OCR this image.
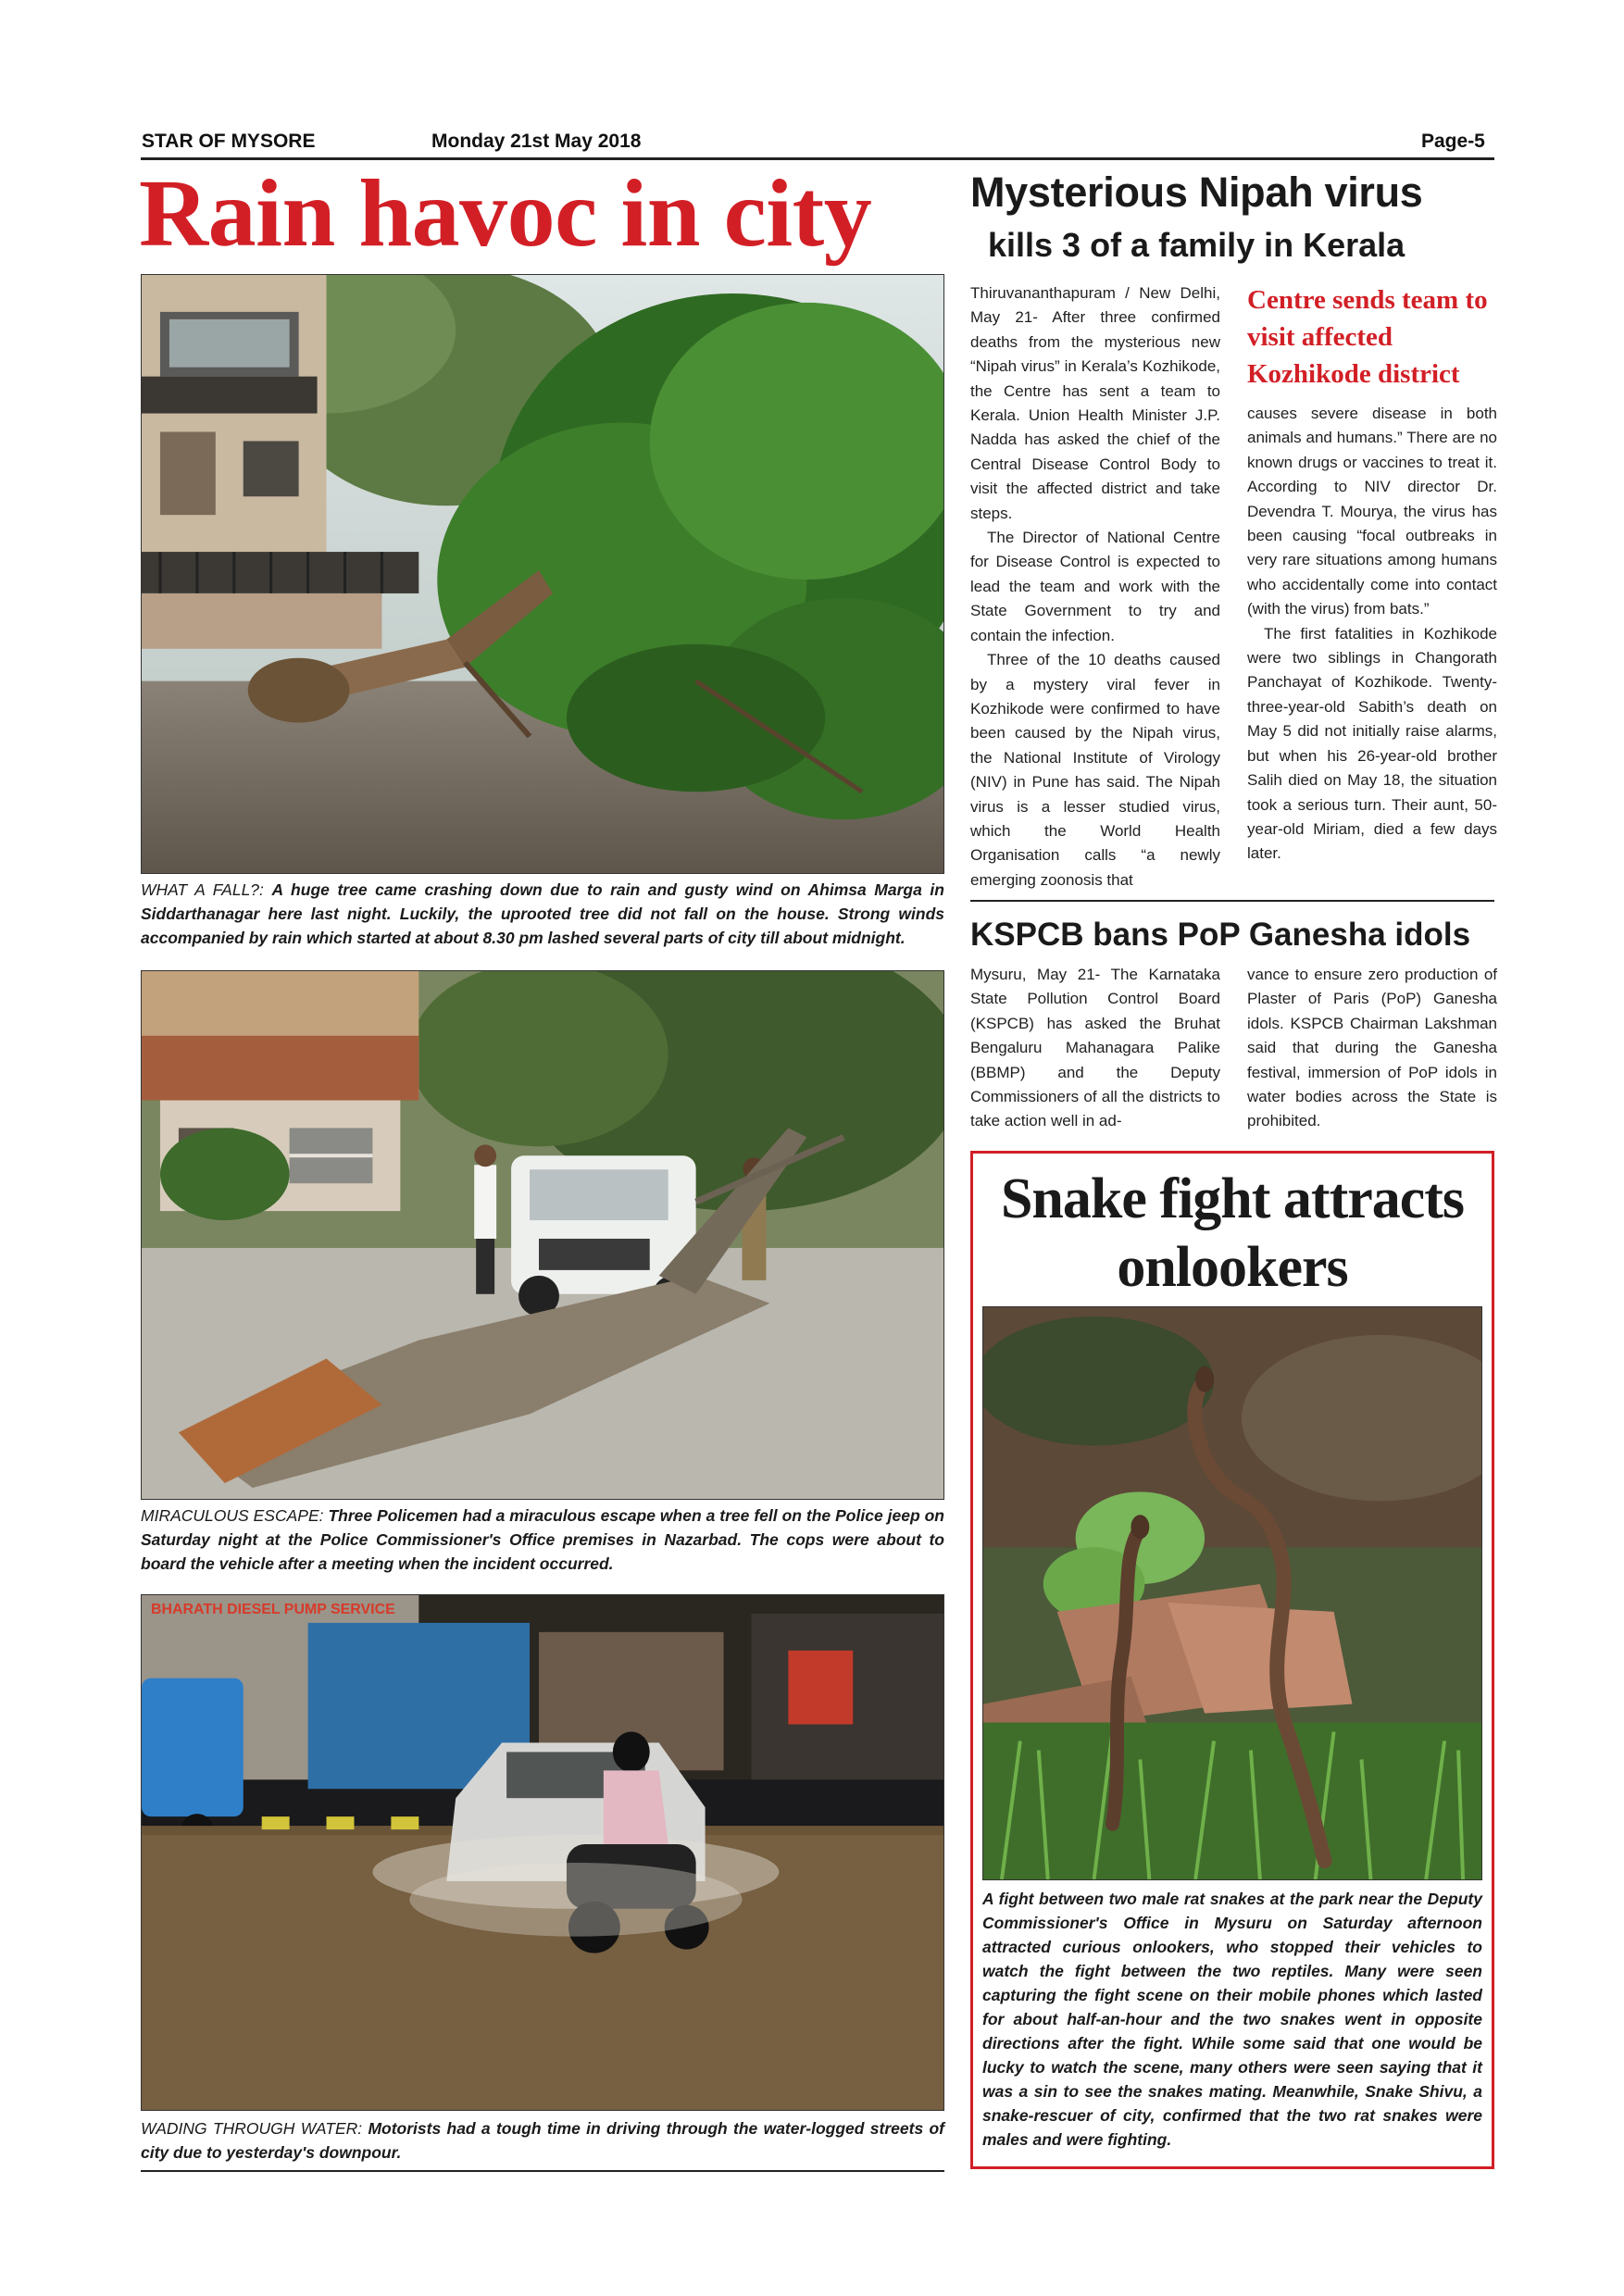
STAR OF MYSORE	Monday 21st May 2018	Page-5
Rain havoc in city
WHAT A FALL?: A huge tree came crashing down due to rain and gusty wind on Ahimsa Marga in Siddarthanagar here last night. Luckily, the uprooted tree did not fall on the house. Strong winds accompanied by rain which started at about 8.30 pm lashed several parts of city till about midnight.
MIRACULOUS ESCAPE: Three Policemen had a miraculous escape when a tree fell on the Police jeep on Saturday night at the Police Commissioner's Office premises in Nazarbad. The cops were about to board the vehicle after a meeting when the incident occurred.
BHARATH DIESEL PUMP SERVICE
WADING THROUGH WATER: Motorists had a tough time in driving through the water-logged streets of city due to yesterday's downpour.
Mysterious Nipah virus
kills 3 of a family in Kerala

Thiruvananthapuram / New Delhi, May 21- After three confirmed deaths from the mysterious new “Nipah virus” in Kerala’s Kozhikode, the Centre has sent a team to Kerala. Union Health Minister J.P. Nadda has asked the chief of the Central Disease Control Body to visit the affected district and take steps.

The Director of National Centre for Disease Control is expected to lead the team and work with the State Government to try and contain the infection.

Three of the 10 deaths caused by a mystery viral fever in Kozhikode were confirmed to have been caused by the Nipah virus, the National Institute of Virology (NIV) in Pune has said. The Nipah virus is a lesser studied virus, which the World Health Organisation calls “a newly emerging zoonosis that

Centre sends team to visit affected Kozhikode district

causes severe disease in both animals and humans.” There are no known drugs or vaccines to treat it. According to NIV director Dr. Devendra T. Mourya, the virus has been causing “focal outbreaks in very rare situations among humans who accidentally come into contact (with the virus) from bats.”

The first fatalities in Kozhikode were two siblings in Changorath Panchayat of Kozhikode. Twenty-three-year-old Sabith’s death on May 5 did not initially raise alarms, but when his 26-year-old brother Salih died on May 18, the situation took a serious turn. Their aunt, 50-year-old Miriam, died a few days later.

KSPCB bans PoP Ganesha idols

Mysuru, May 21- The Karnataka State Pollution Control Board (KSPCB) has asked the Bruhat Bengaluru Mahanagara Palike (BBMP) and the Deputy Commissioners of all the districts to take action well in ad-

vance to ensure zero production of Plaster of Paris (PoP) Ganesha idols. KSPCB Chairman Lakshman said that during the Ganesha festival, immersion of PoP idols in water bodies across the State is prohibited.

Snake fight attracts
onlookers
A fight between two male rat snakes at the park near the Deputy Commissioner's Office in Mysuru on Saturday afternoon attracted curious onlookers, who stopped their vehicles to watch the fight between the two reptiles. Many were seen capturing the fight scene on their mobile phones which lasted for about half-an-hour and the two snakes went in opposite directions after the fight. While some said that one would be lucky to watch the scene, many others were seen saying that it was a sin to see the snakes mating. Meanwhile, Snake Shivu, a snake-rescuer of city, confirmed that the two rat snakes were males and were fighting.
